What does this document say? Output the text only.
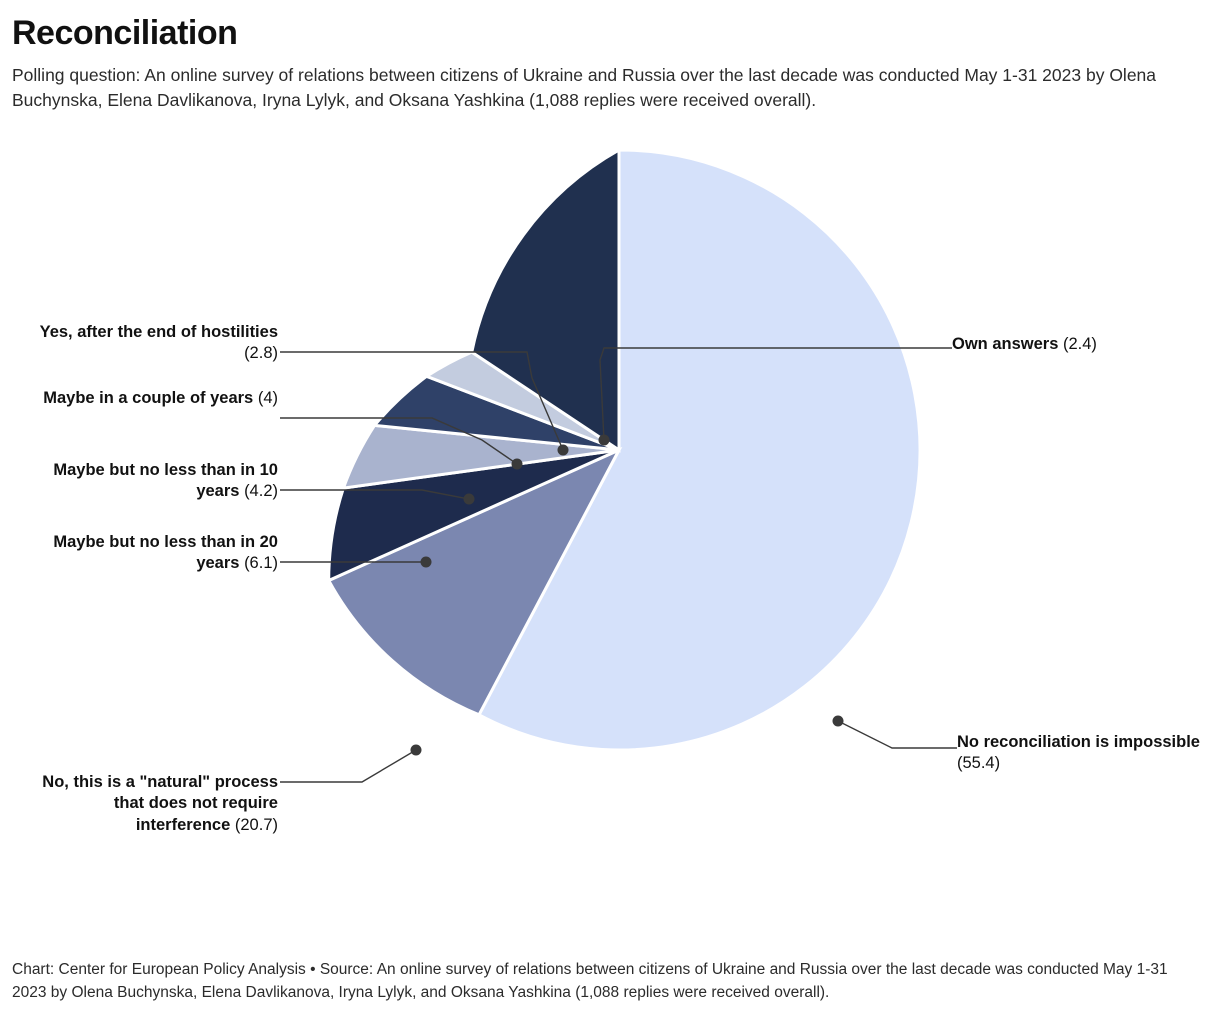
Reconciliation
Polling question: An online survey of relations between citizens of Ukraine and Russia over the last decade was conducted May 1-31 2023 by Olena Buchynska, Elena Davlikanova, Iryna Lylyk, and Oksana Yashkina (1,088 replies were received overall).
No reconciliation is impossible (55.4)
No, this is a "natural" process that does not require interference (20.7)
Maybe but no less than in 20 years (6.1)
Maybe but no less than in 10 years (4.2)
Maybe in a couple of years (4)
Yes, after the end of hostilities (2.8)
Own answers (2.4)
Chart: Center for European Policy Analysis • Source: An online survey of relations between citizens of Ukraine and Russia over the last decade was conducted May 1-31 2023 by Olena Buchynska, Elena Davlikanova, Iryna Lylyk, and Oksana Yashkina (1,088 replies were received overall).
